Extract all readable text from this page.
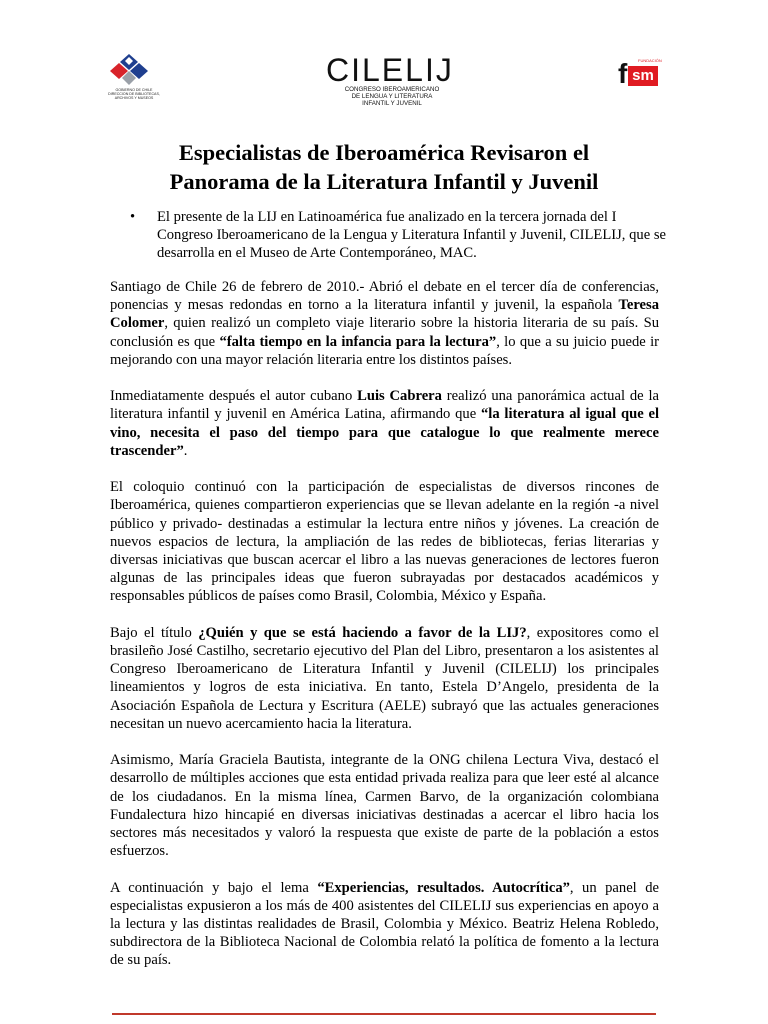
GOBIERNO DE CHILE
DIRECCION DE BIBLIOTECAS,
ARCHIVOS Y MUSEOS
CILELIJ
CONGRESO IBEROAMERICANO
DE LENGUA Y LITERATURA
INFANTIL Y JUVENIL
FUNDACIÓN
f sm
Especialistas de Iberoamérica Revisaron el
Panorama de la Literatura Infantil y Juvenil
• El presente de la LIJ en Latinoamérica fue analizado en la tercera jornada del I Congreso Iberoamericano de la Lengua y Literatura Infantil y Juvenil, CILELIJ, que se desarrolla en el Museo de Arte Contemporáneo, MAC.

Santiago de Chile 26 de febrero de 2010.- Abrió el debate en el tercer día de conferencias, ponencias y mesas redondas en torno a la literatura infantil y juvenil, la española Teresa Colomer, quien realizó un completo viaje literario sobre la historia literaria de su país. Su conclusión es que “falta tiempo en la infancia para la lectura”, lo que a su juicio puede ir mejorando con una mayor relación literaria entre los distintos países.

Inmediatamente después el autor cubano Luis Cabrera realizó una panorámica actual de la literatura infantil y juvenil en América Latina, afirmando que “la literatura al igual que el vino, necesita el paso del tiempo para que catalogue lo que realmente merece trascender”.

El coloquio continuó con la participación de especialistas de diversos rincones de Iberoamérica, quienes compartieron experiencias que se llevan adelante en la región -a nivel público y privado- destinadas a estimular la lectura entre niños y jóvenes. La creación de nuevos espacios de lectura, la ampliación de las redes de bibliotecas, ferias literarias y diversas iniciativas que buscan acercar el libro a las nuevas generaciones de lectores fueron algunas de las principales ideas que fueron subrayadas por destacados académicos y responsables públicos de países como Brasil, Colombia, México y España.

Bajo el título ¿Quién y que se está haciendo a favor de la LIJ?, expositores como el brasileño José Castilho, secretario ejecutivo del Plan del Libro, presentaron a los asistentes al Congreso Iberoamericano de Literatura Infantil y Juvenil (CILELIJ) los principales lineamientos y logros de esta iniciativa. En tanto, Estela D’Angelo, presidenta de la Asociación Española de Lectura y Escritura (AELE) subrayó que las actuales generaciones necesitan un nuevo acercamiento hacia la literatura.

Asimismo, María Graciela Bautista, integrante de la ONG chilena Lectura Viva, destacó el desarrollo de múltiples acciones que esta entidad privada realiza para que leer esté al alcance de los ciudadanos. En la misma línea, Carmen Barvo, de la organización colombiana Fundalectura hizo hincapié en diversas iniciativas destinadas a acercar el libro hacia los sectores más necesitados y valoró la respuesta que existe de parte de la población a estos esfuerzos.

A continuación y bajo el lema “Experiencias, resultados. Autocrítica”, un panel de especialistas expusieron a los más de 400 asistentes del CILELIJ sus experiencias en apoyo a la lectura y las distintas realidades de Brasil, Colombia y México. Beatriz Helena Robledo, subdirectora de la Biblioteca Nacional de Colombia relató la política de fomento a la lectura de su país.
